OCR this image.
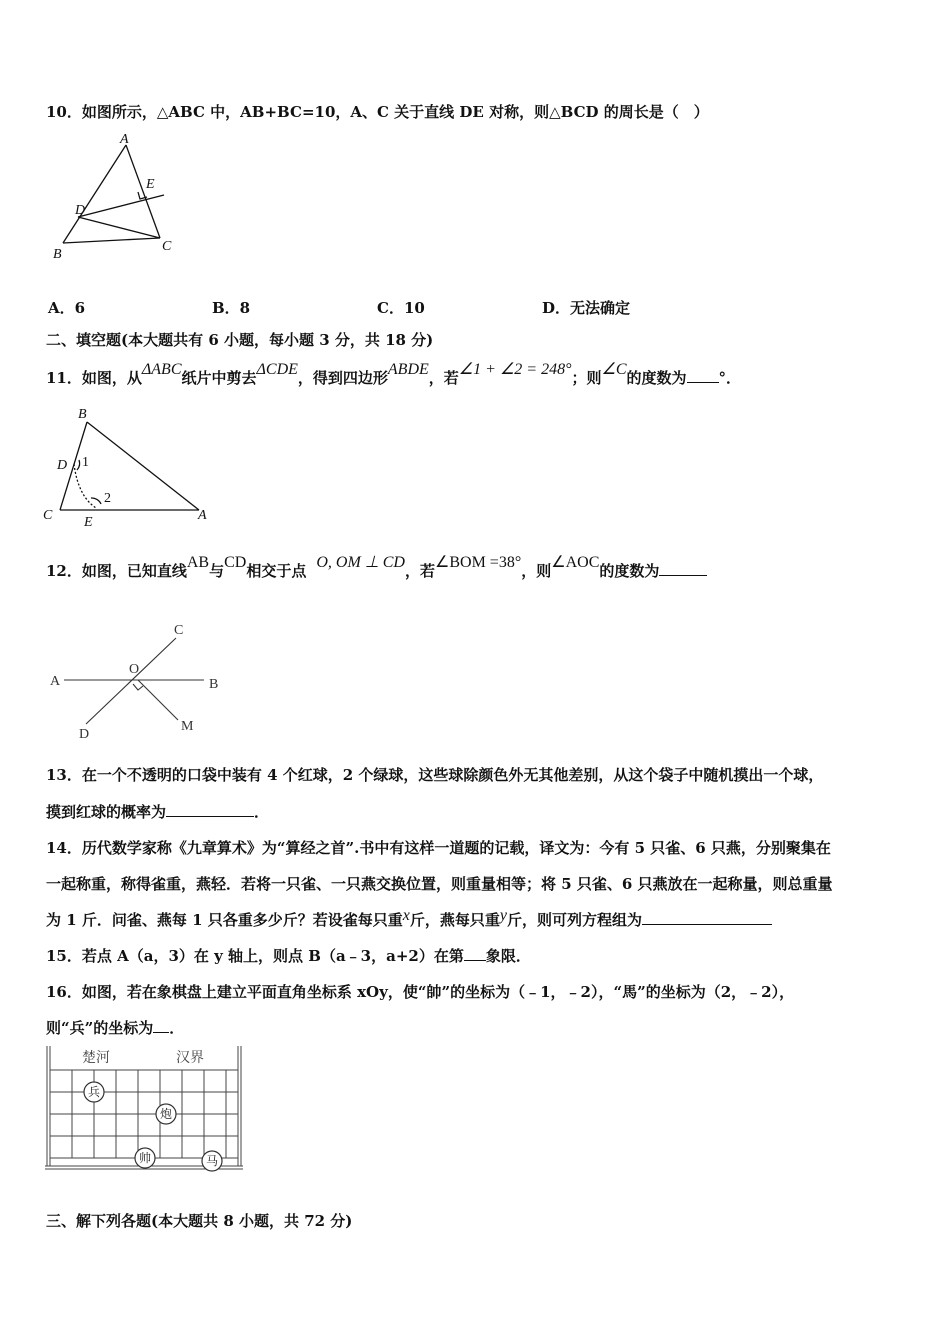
10．如图所示，△ABC 中，AB+BC=10，A、C 关于直线 DE 对称，则△BCD 的周长是（　）
A
E
D
B
C
A．6	B．8	C．10	D．无法确定
二、填空题(本大题共有 6 小题，每小题 3 分，共 18 分)
11．如图，从ΔABC纸片中剪去ΔCDE，得到四边形ABDE，若∠1 + ∠2 = 248°；则∠C的度数为 °．
B
D 1
2
C E	A
12．如图，已知直线AB与CD相交于点 O, OM ⊥ CD，若∠BOM =38°，则∠AOC的度数为
C
A
O
B
D
M
13．在一个不透明的口袋中装有 4 个红球，2 个绿球，这些球除颜色外无其他差别，从这个袋子中随机摸出一个球，
摸到红球的概率为	．
14．历代数学家称《九章算术》为“算经之首”.书中有这样一道题的记载，译文为：今有 5 只雀、6 只燕，分别聚集在
一起称重，称得雀重，燕轻．若将一只雀、一只燕交换位置，则重量相等；将 5 只雀、6 只燕放在一起称量，则总重量
为 1 斤．问雀、燕每 1 只各重多少斤？若设雀每只重x斤，燕每只重y斤，则可列方程组为
15．若点 A（a，3）在 y 轴上，则点 B（a﹣3，a+2）在第 象限．
16．如图，若在象棋盘上建立平面直角坐标系 xOy，使“帥”的坐标为（﹣1，﹣2），“馬”的坐标为（2，﹣2），
则“兵”的坐标为 ．
楚河	汉界
兵
炮
帅	马
三、解下列各题(本大题共 8 小题，共 72 分)
